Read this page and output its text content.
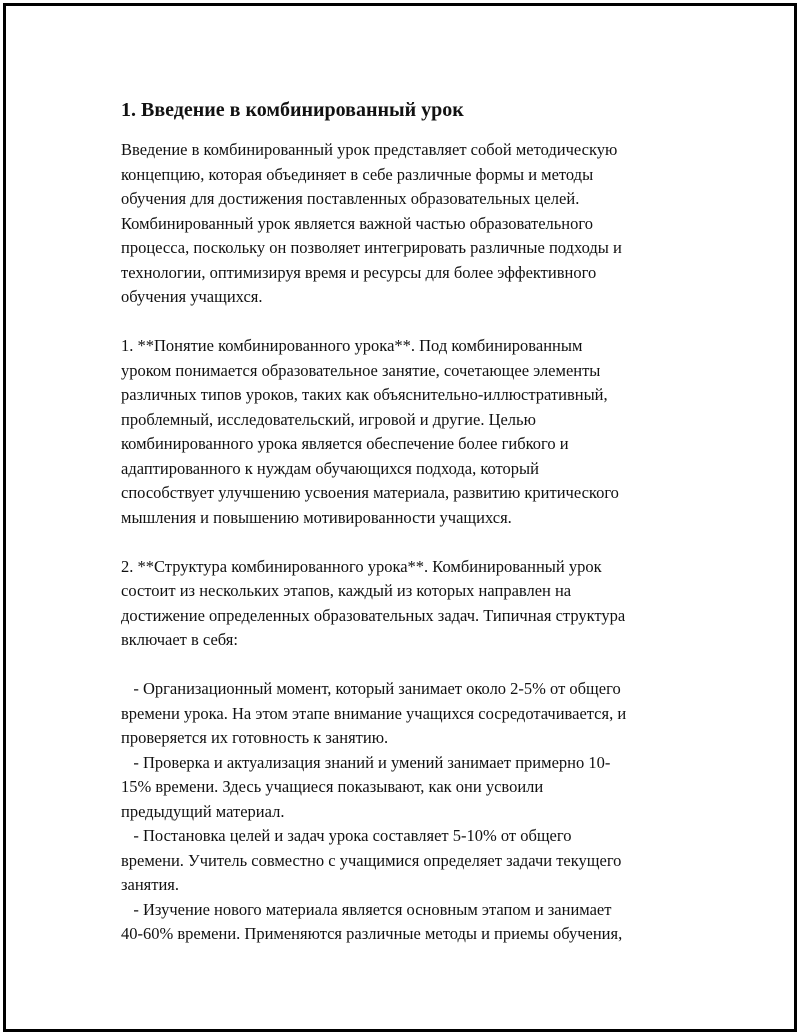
1. Введение в комбинированный урок
Введение в комбинированный урок представляет собой методическую
концепцию, которая объединяет в себе различные формы и методы
обучения для достижения поставленных образовательных целей.
Комбинированный урок является важной частью образовательного
процесса, поскольку он позволяет интегрировать различные подходы и
технологии, оптимизируя время и ресурсы для более эффективного
обучения учащихся.
1. **Понятие комбинированного урока**. Под комбинированным
уроком понимается образовательное занятие, сочетающее элементы
различных типов уроков, таких как объяснительно-иллюстративный,
проблемный, исследовательский, игровой и другие. Целью
комбинированного урока является обеспечение более гибкого и
адаптированного к нуждам обучающихся подхода, который
способствует улучшению усвоения материала, развитию критического
мышления и повышению мотивированности учащихся.
2. **Структура комбинированного урока**. Комбинированный урок
состоит из нескольких этапов, каждый из которых направлен на
достижение определенных образовательных задач. Типичная структура
включает в себя:
- Организационный момент, который занимает около 2-5% от общего
времени урока. На этом этапе внимание учащихся сосредотачивается, и
проверяется их готовность к занятию.
- Проверка и актуализация знаний и умений занимает примерно 10-
15% времени. Здесь учащиеся показывают, как они усвоили
предыдущий материал.
- Постановка целей и задач урока составляет 5-10% от общего
времени. Учитель совместно с учащимися определяет задачи текущего
занятия.
- Изучение нового материала является основным этапом и занимает
40-60% времени. Применяются различные методы и приемы обучения,
